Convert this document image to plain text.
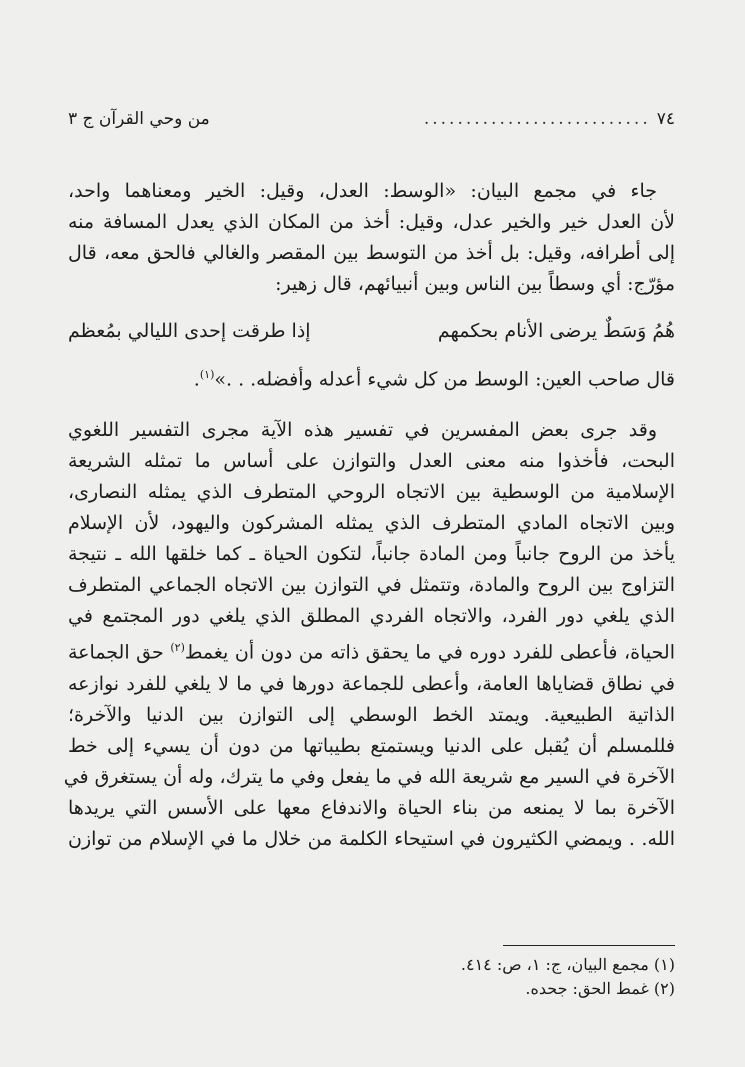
٧٤
...........................
من وحي القرآن ج ٣

جاء في مجمع البيان: «الوسط: العدل، وقيل: الخير ومعناهما واحد،
لأن العدل خير والخير عدل، وقيل: أخذ من المكان الذي يعدل المسافة منه
إلى أطرافه، وقيل: بل أخذ من التوسط بين المقصر والغالي فالحق معه، قال
مؤرّج: أي وسطاً بين الناس وبين أنبيائهم، قال زهير:

هُمُ وَسَطٌ يرضى الأنام بحكمهم
إذا طرقت إحدى الليالي بمُعظم

قال صاحب العين: الوسط من كل شيء أعدله وأفضله. . .»$^{(١)}$.

وقد جرى بعض المفسرين في تفسير هذه الآية مجرى التفسير اللغوي
البحت، فأخذوا منه معنى العدل والتوازن على أساس ما تمثله الشريعة
الإسلامية من الوسطية بين الاتجاه الروحي المتطرف الذي يمثله النصارى،
وبين الاتجاه المادي المتطرف الذي يمثله المشركون واليهود، لأن الإسلام
يأخذ من الروح جانباً ومن المادة جانباً، لتكون الحياة ـ كما خلقها الله ـ نتيجة
التزاوج بين الروح والمادة، وتتمثل في التوازن بين الاتجاه الجماعي المتطرف
الذي يلغي دور الفرد، والاتجاه الفردي المطلق الذي يلغي دور المجتمع في
الحياة، فأعطى للفرد دوره في ما يحقق ذاته من دون أن يغمط$^{(٢)}$ حق الجماعة
في نطاق قضاياها العامة، وأعطى للجماعة دورها في ما لا يلغي للفرد نوازعه
الذاتية الطبيعية. ويمتد الخط الوسطي إلى التوازن بين الدنيا والآخرة؛
فللمسلم أن يُقبل على الدنيا ويستمتع بطيباتها من دون أن يسيء إلى خط
الآخرة في السير مع شريعة الله في ما يفعل وفي ما يترك، وله أن يستغرق في
الآخرة بما لا يمنعه من بناء الحياة والاندفاع معها على الأسس التي يريدها
الله. . ويمضي الكثيرون في استيحاء الكلمة من خلال ما في الإسلام من توازن

(١) مجمع البيان، ج: ١، ص: ٤١٤.
(٢) غمط الحق: جحده.
